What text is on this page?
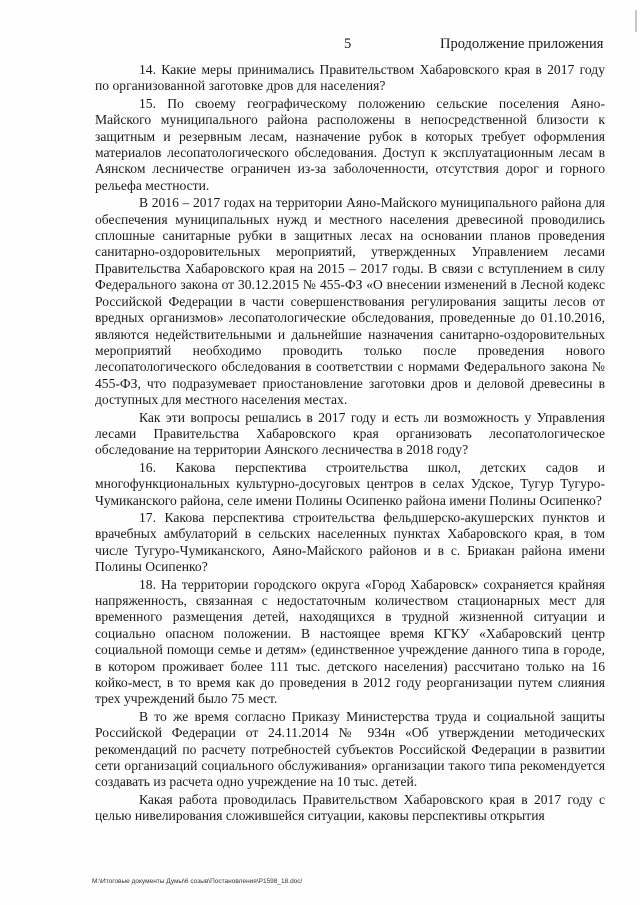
5	Продолжение приложения

14. Какие меры принимались Правительством Хабаровского края в 2017 году по организованной заготовке дров для населения?

15. По своему географическому положению сельские поселения Аяно-Майского муниципального района расположены в непосредственной близости к защитным и резервным лесам, назначение рубок в которых требует оформления материалов лесопатологического обследования. Доступ к эксплуатационным лесам в Аянском лесничестве ограничен из-за заболоченности, отсутствия дорог и горного рельефа местности.

В 2016 – 2017 годах на территории Аяно-Майского муниципального района для обеспечения муниципальных нужд и местного населения древесиной проводились сплошные санитарные рубки в защитных лесах на основании планов проведения санитарно-оздоровительных мероприятий, утвержденных Управлением лесами Правительства Хабаровского края на 2015 – 2017 годы. В связи с вступлением в силу Федерального закона от 30.12.2015 № 455-ФЗ «О внесении изменений в Лесной кодекс Российской Федерации в части совершенствования регулирования защиты лесов от вредных организмов» лесопатологические обследования, проведенные до 01.10.2016, являются недействительными и дальнейшие назначения санитарно-оздоровительных мероприятий необходимо проводить только после проведения нового лесопатологического обследования в соответствии с нормами Федерального закона № 455-ФЗ, что подразумевает приостановление заготовки дров и деловой древесины в доступных для местного населения местах.

Как эти вопросы решались в 2017 году и есть ли возможность у Управления лесами Правительства Хабаровского края организовать лесопатологическое обследование на территории Аянского лесничества в 2018 году?

16. Какова перспектива строительства школ, детских садов и многофункциональных культурно-досуговых центров в селах Удское, Тугур Тугуро-Чумиканского района, селе имени Полины Осипенко района имени Полины Осипенко?

17. Какова перспектива строительства фельдшерско-акушерских пунктов и врачебных амбулаторий в сельских населенных пунктах Хабаровского края, в том числе Тугуро-Чумиканского, Аяно-Майского районов и в с. Бриакан района имени Полины Осипенко?

18. На территории городского округа «Город Хабаровск» сохраняется крайняя напряженность, связанная с недостаточным количеством стационарных мест для временного размещения детей, находящихся в трудной жизненной ситуации и социально опасном положении. В настоящее время КГКУ «Хабаровский центр социальной помощи семье и детям» (единственное учреждение данного типа в городе, в котором проживает более 111 тыс. детского населения) рассчитано только на 16 койко-мест, в то время как до проведения в 2012 году реорганизации путем слияния трех учреждений было 75 мест.

В то же время согласно Приказу Министерства труда и социальной защиты Российской Федерации от 24.11.2014 № 934н «Об утверждении методических рекомендаций по расчету потребностей субъектов Российской Федерации в развитии сети организаций социального обслуживания» организации такого типа рекомендуется создавать из расчета одно учреждение на 10 тыс. детей.

Какая работа проводилась Правительством Хабаровского края в 2017 году с целью нивелирования сложившейся ситуации, каковы перспективы открытия

M:\Итоговые документы Думы\6 созыв\Постановления\P1598_18.doc/
